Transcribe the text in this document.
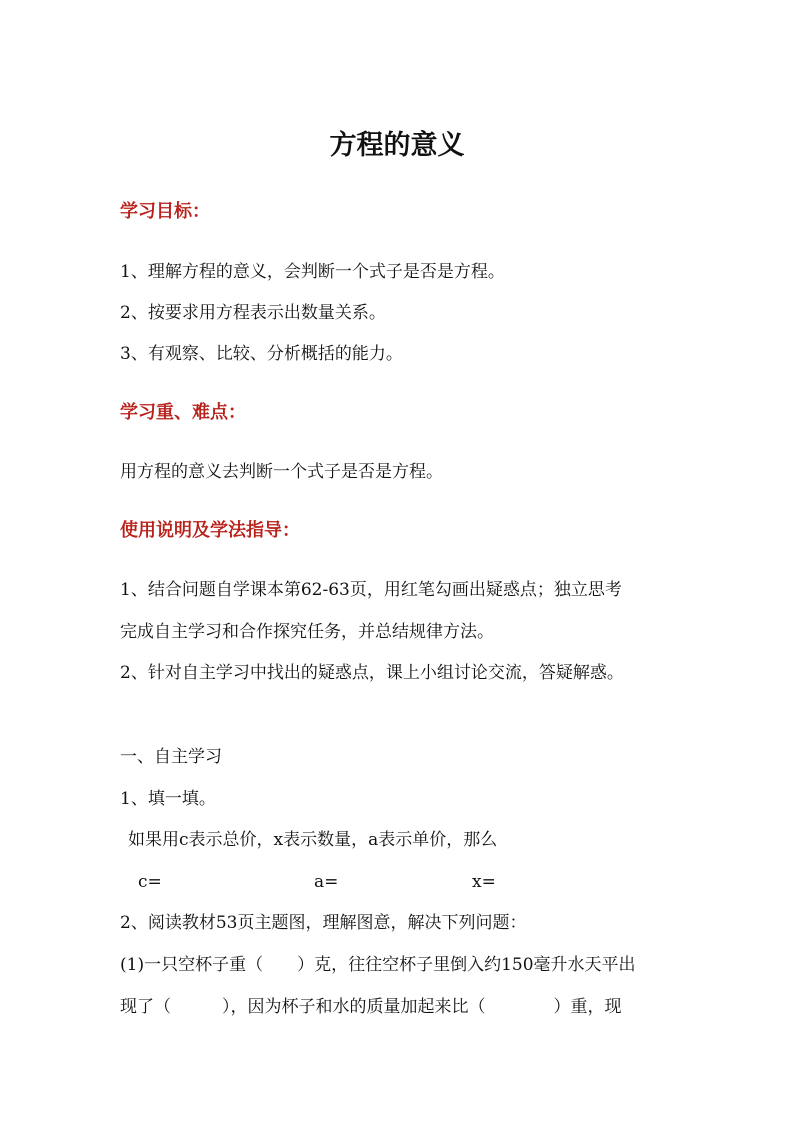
方程的意义
学习目标：
1、理解方程的意义，会判断一个式子是否是方程。
2、按要求用方程表示出数量关系。
3、有观察、比较、分析概括的能力。
学习重、难点：
用方程的意义去判断一个式子是否是方程。
使用说明及学法指导：
1、结合问题自学课本第62-63页，用红笔勾画出疑惑点；独立思考
完成自主学习和合作探究任务，并总结规律方法。
2、针对自主学习中找出的疑惑点，课上小组讨论交流，答疑解惑。
一、自主学习
1、填一填。
如果用c表示总价，x表示数量，a表示单价，那么
c=	a=	x=
2、阅读教材53页主题图，理解图意，解决下列问题：
(1)一只空杯子重（　　）克，往往空杯子里倒入约150毫升水天平出
现了（　　　），因为杯子和水的质量加起来比（　　　　）重，现
